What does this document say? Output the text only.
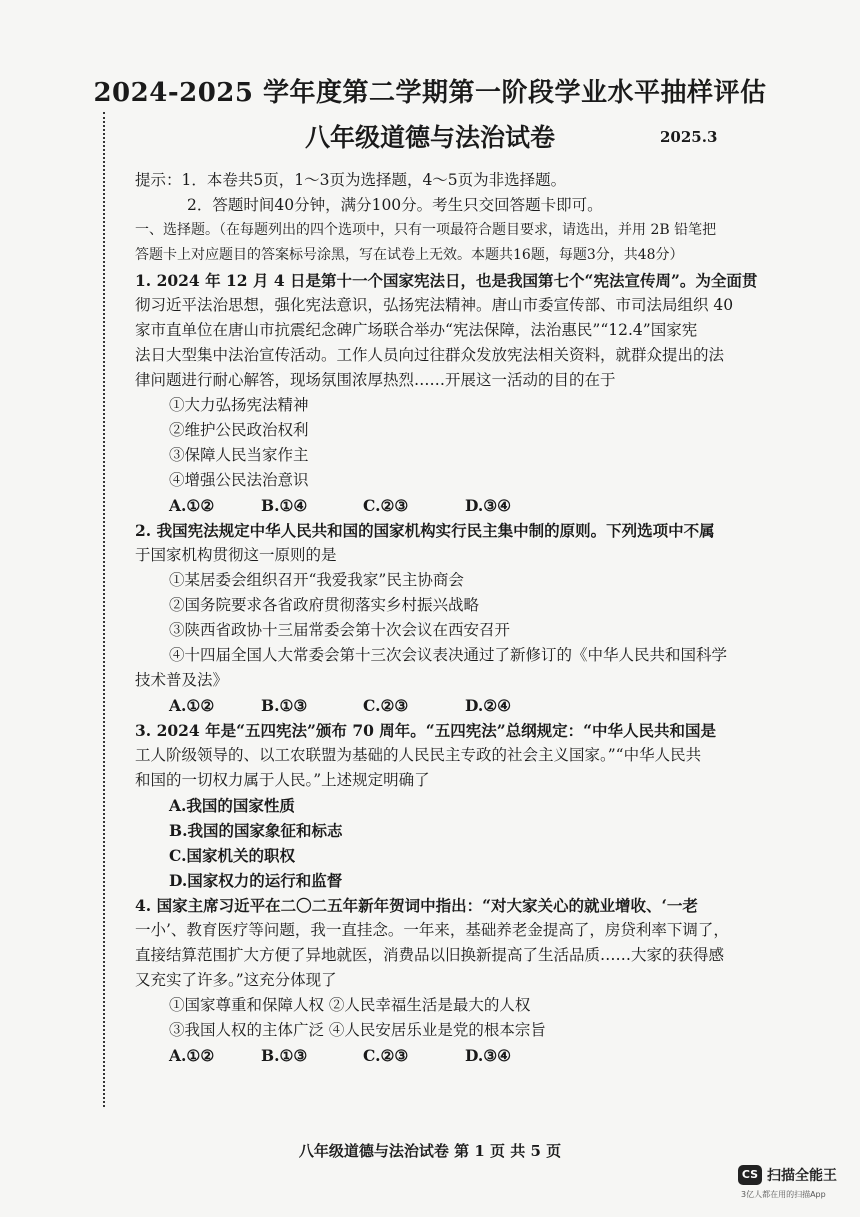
2024-2025 学年度第二学期第一阶段学业水平抽样评估
八年级道德与法治试卷	2025.3
提示：1．本卷共5页，1～3页为选择题，4～5页为非选择题。
2．答题时间40分钟，满分100分。考生只交回答题卡即可。
一、选择题。（在每题列出的四个选项中，只有一项最符合题目要求，请选出，并用 2B 铅笔把
答题卡上对应题目的答案标号涂黑，写在试卷上无效。本题共16题，每题3分，共48分）
1. 2024 年 12 月 4 日是第十一个国家宪法日，也是我国第七个“宪法宣传周”。为全面贯
彻习近平法治思想，强化宪法意识，弘扬宪法精神。唐山市委宣传部、市司法局组织 40
家市直单位在唐山市抗震纪念碑广场联合举办“宪法保障，法治惠民”“12.4”国家宪
法日大型集中法治宣传活动。工作人员向过往群众发放宪法相关资料，就群众提出的法
律问题进行耐心解答，现场氛围浓厚热烈……开展这一活动的目的在于
①大力弘扬宪法精神
②维护公民政治权利
③保障人民当家作主
④增强公民法治意识
A.①②	B.①④	C.②③	D.③④
2. 我国宪法规定中华人民共和国的国家机构实行民主集中制的原则。下列选项中不属
于国家机构贯彻这一原则的是
①某居委会组织召开“我爱我家”民主协商会
②国务院要求各省政府贯彻落实乡村振兴战略
③陕西省政协十三届常委会第十次会议在西安召开
④十四届全国人大常委会第十三次会议表决通过了新修订的《中华人民共和国科学
技术普及法》
A.①②	B.①③	C.②③	D.②④
3. 2024 年是“五四宪法”颁布 70 周年。“五四宪法”总纲规定：“中华人民共和国是
工人阶级领导的、以工农联盟为基础的人民民主专政的社会主义国家。”“中华人民共
和国的一切权力属于人民。”上述规定明确了
A.我国的国家性质
B.我国的国家象征和标志
C.国家机关的职权
D.国家权力的运行和监督
4. 国家主席习近平在二〇二五年新年贺词中指出：“对大家关心的就业增收、‘一老
一小’、教育医疗等问题，我一直挂念。一年来，基础养老金提高了，房贷利率下调了，
直接结算范围扩大方便了异地就医，消费品以旧换新提高了生活品质……大家的获得感
又充实了许多。”这充分体现了
①国家尊重和保障人权 ②人民幸福生活是最大的人权
③我国人权的主体广泛 ④人民安居乐业是党的根本宗旨
A.①②	B.①③	C.②③	D.③④
八年级道德与法治试卷 第 1 页 共 5 页
CS 扫描全能王
3亿人都在用的扫描App
